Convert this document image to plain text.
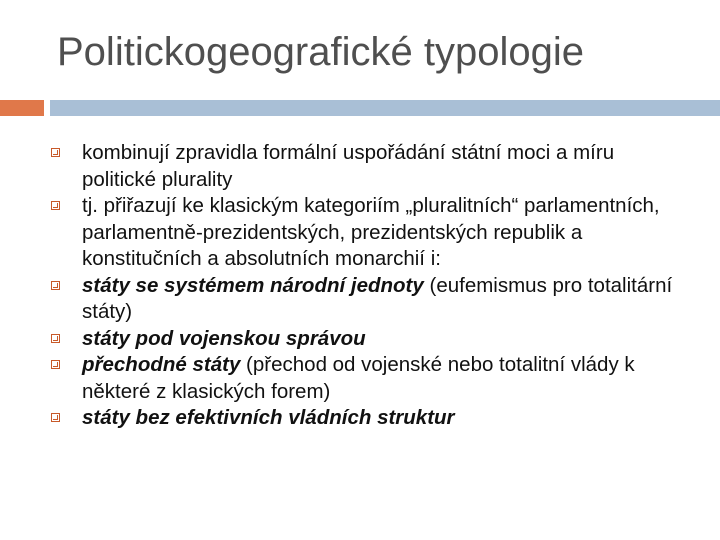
Politickogeografické typologie
kombinují zpravidla formální uspořádání státní moci a míru politické plurality
tj. přiřazují ke klasickým kategoriím „pluralitních“ parlamentních, parlamentně-prezidentských, prezidentských republik a konstitučních a absolutních monarchií i:
státy se systémem národní jednoty (eufemismus pro totalitární státy)
státy pod vojenskou správou
přechodné státy (přechod od vojenské nebo totalitní vlády k některé z klasických forem)
státy bez efektivních vládních struktur
